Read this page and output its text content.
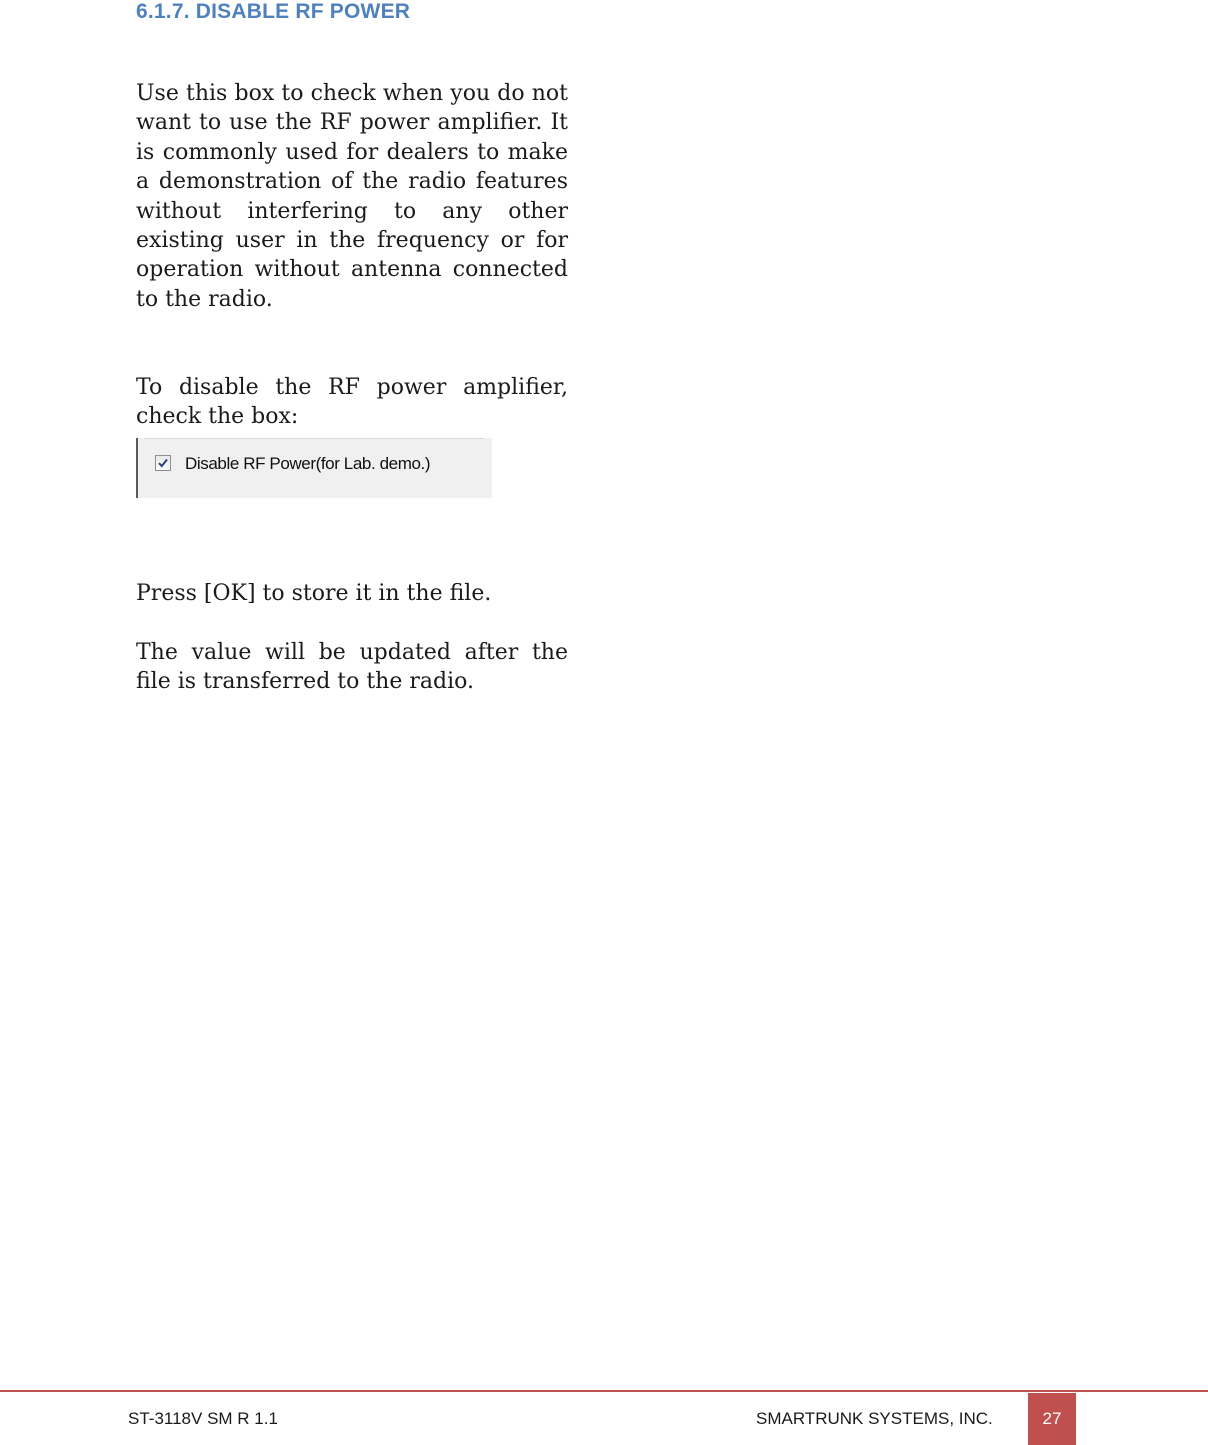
6.1.7. DISABLE RF POWER

Use this box to check when you do not want to use the RF power amplifier. It is commonly used for dealers to make a demonstration of the radio features without interfering to any other existing user in the frequency or for operation without antenna connected to the radio.

To disable the RF power amplifier, check the box:

Disable RF Power(for Lab. demo.)

Press [OK] to store it in the file.

The value will be updated after the file is transferred to the radio.

ST-3118V SM R 1.1	SMARTRUNK SYSTEMS, INC.	27
